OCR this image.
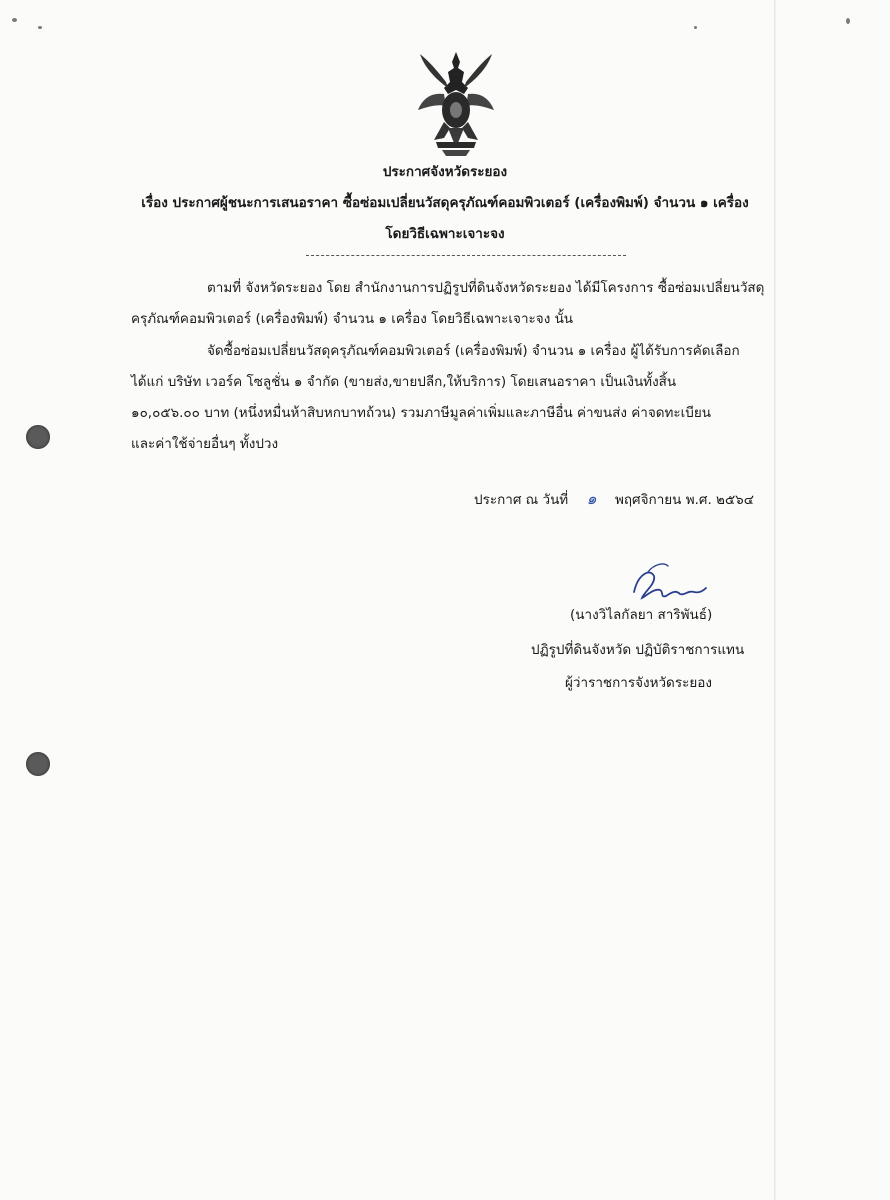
ประกาศจังหวัดระยอง
เรื่อง ประกาศผู้ชนะการเสนอราคา ซื้อซ่อมเปลี่ยนวัสดุครุภัณฑ์คอมพิวเตอร์ (เครื่องพิมพ์) จำนวน ๑ เครื่อง
โดยวิธีเฉพาะเจาะจง
ตามที่ จังหวัดระยอง โดย สำนักงานการปฏิรูปที่ดินจังหวัดระยอง ได้มีโครงการ ซื้อซ่อมเปลี่ยนวัสดุ
ครุภัณฑ์คอมพิวเตอร์ (เครื่องพิมพ์) จำนวน ๑ เครื่อง โดยวิธีเฉพาะเจาะจง นั้น
จัดซื้อซ่อมเปลี่ยนวัสดุครุภัณฑ์คอมพิวเตอร์ (เครื่องพิมพ์) จำนวน ๑ เครื่อง ผู้ได้รับการคัดเลือก
ได้แก่ บริษัท เวอร์ค โซลูชั่น ๑ จำกัด (ขายส่ง,ขายปลีก,ให้บริการ) โดยเสนอราคา เป็นเงินทั้งสิ้น
๑๐,๐๕๖.๐๐ บาท (หนึ่งหมื่นห้าสิบหกบาทถ้วน) รวมภาษีมูลค่าเพิ่มและภาษีอื่น ค่าขนส่ง ค่าจดทะเบียน
และค่าใช้จ่ายอื่นๆ ทั้งปวง
ประกาศ ณ วันที่ ๑ พฤศจิกายน พ.ศ. ๒๕๖๔
(นางวิไลกัลยา สาริพันธ์)
ปฏิรูปที่ดินจังหวัด ปฏิบัติราชการแทน
ผู้ว่าราชการจังหวัดระยอง
